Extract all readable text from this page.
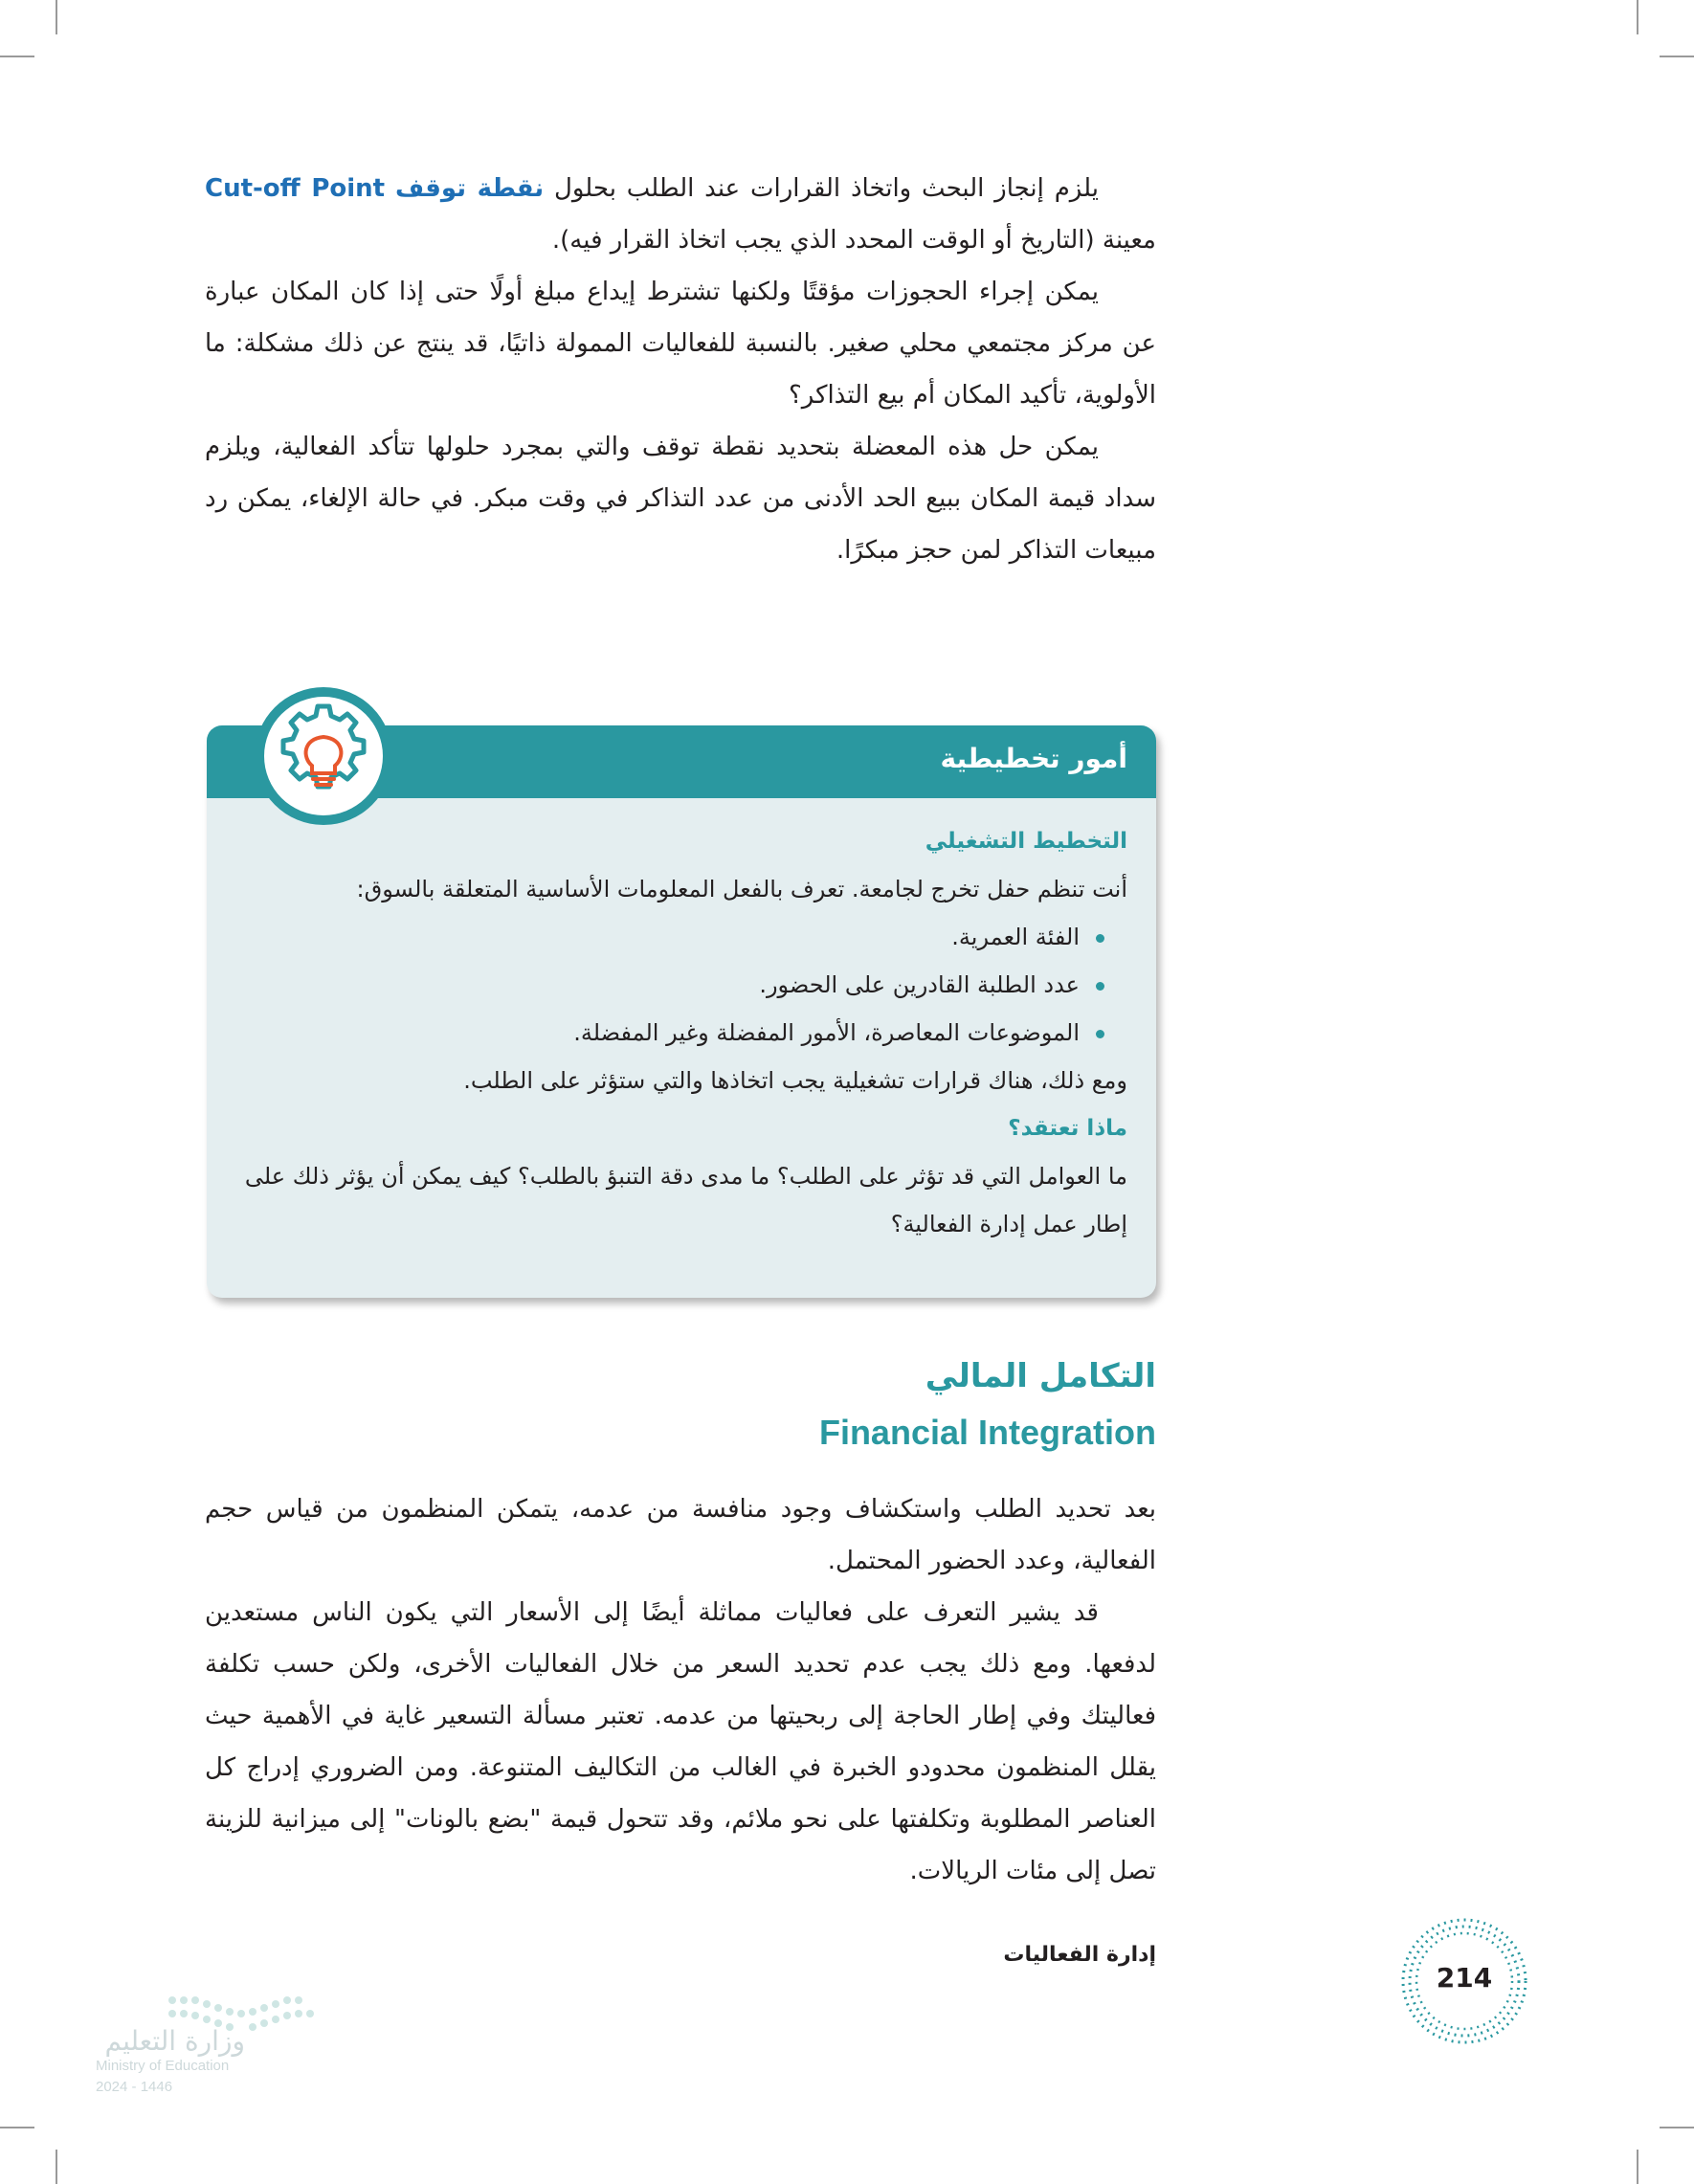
يلزم إنجاز البحث واتخاذ القرارات عند الطلب بحلول نقطة توقف Cut-off Point معينة (التاريخ أو الوقت المحدد الذي يجب اتخاذ القرار فيه).

يمكن إجراء الحجوزات مؤقتًا ولكنها تشترط إيداع مبلغ أولًا حتى إذا كان المكان عبارة عن مركز مجتمعي محلي صغير. بالنسبة للفعاليات الممولة ذاتيًا، قد ينتج عن ذلك مشكلة: ما الأولوية، تأكيد المكان أم بيع التذاكر؟

يمكن حل هذه المعضلة بتحديد نقطة توقف والتي بمجرد حلولها تتأكد الفعالية، ويلزم سداد قيمة المكان ببيع الحد الأدنى من عدد التذاكر في وقت مبكر. في حالة الإلغاء، يمكن رد مبيعات التذاكر لمن حجز مبكرًا.

أمور تخطيطية

التخطيط التشغيلي

أنت تنظم حفل تخرج لجامعة. تعرف بالفعل المعلومات الأساسية المتعلقة بالسوق:

الفئة العمرية.
عدد الطلبة القادرين على الحضور.
الموضوعات المعاصرة، الأمور المفضلة وغير المفضلة.

ومع ذلك، هناك قرارات تشغيلية يجب اتخاذها والتي ستؤثر على الطلب.

ماذا تعتقد؟

ما العوامل التي قد تؤثر على الطلب؟ ما مدى دقة التنبؤ بالطلب؟ كيف يمكن أن يؤثر ذلك على إطار عمل إدارة الفعالية؟

التكامل المالي
Financial Integration

بعد تحديد الطلب واستكشاف وجود منافسة من عدمه، يتمكن المنظمون من قياس حجم الفعالية، وعدد الحضور المحتمل.

قد يشير التعرف على فعاليات مماثلة أيضًا إلى الأسعار التي يكون الناس مستعدين لدفعها. ومع ذلك يجب عدم تحديد السعر من خلال الفعاليات الأخرى، ولكن حسب تكلفة فعاليتك وفي إطار الحاجة إلى ربحيتها من عدمه. تعتبر مسألة التسعير غاية في الأهمية حيث يقلل المنظمون محدودو الخبرة في الغالب من التكاليف المتنوعة. ومن الضروري إدراج كل العناصر المطلوبة وتكلفتها على نحو ملائم، وقد تتحول قيمة "بضع بالونات" إلى ميزانية للزينة تصل إلى مئات الريالات.

214
إدارة الفعاليات
وزارة التعليم
Ministry of Education
2024 - 1446
